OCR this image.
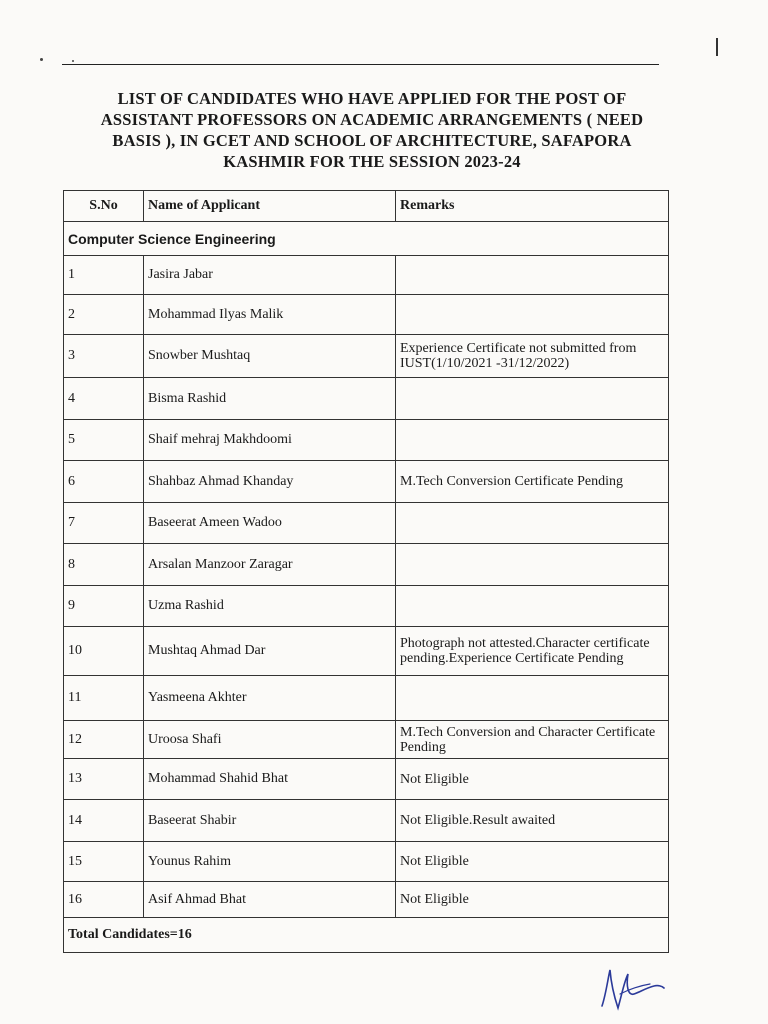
LIST OF CANDIDATES WHO HAVE APPLIED FOR THE POST OF
ASSISTANT PROFESSORS ON ACADEMIC ARRANGEMENTS ( NEED
BASIS ), IN GCET AND SCHOOL OF ARCHITECTURE, SAFAPORA
KASHMIR FOR THE SESSION 2023-24
S.No	Name of Applicant	Remarks
Computer Science Engineering		
1	Jasira Jabar	
2	Mohammad Ilyas Malik	
3	Snowber Mushtaq	Experience Certificate not submitted from IUST(1/10/2021 -31/12/2022)
4	Bisma Rashid	
5	Shaif mehraj Makhdoomi	
6	Shahbaz Ahmad Khanday	M.Tech Conversion Certificate Pending
7	Baseerat Ameen Wadoo	
8	Arsalan Manzoor Zaragar	
9	Uzma Rashid	
10	Mushtaq Ahmad Dar	Photograph not attested.Character certificate pending.Experience Certificate Pending
11	Yasmeena Akhter	
12	Uroosa Shafi	M.Tech Conversion and Character Certificate Pending
13	Mohammad Shahid Bhat	Not Eligible
14	Baseerat Shabir	Not Eligible.Result awaited
15	Younus Rahim	Not Eligible
16	Asif Ahmad Bhat	Not Eligible
Total Candidates=16		
